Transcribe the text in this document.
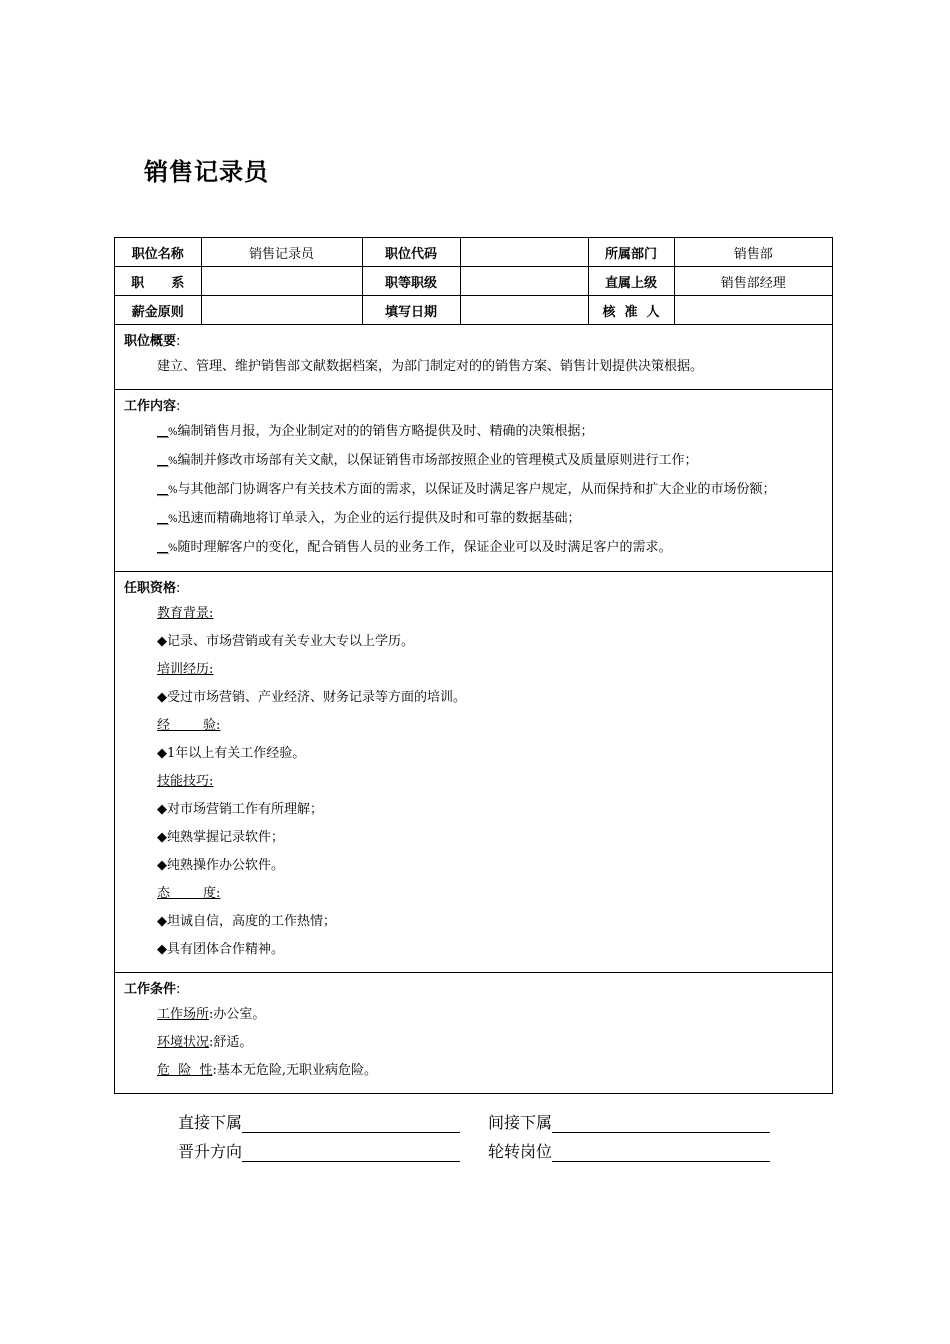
销售记录员
职位名称	销售记录员	职位代码		所属部门	销售部
职      系		职等职级		直属上级	销售部经理
薪金原则		填写日期		核  准  人	
职位概要:
建立、管理、维护销售部文献数据档案，为部门制定对的的销售方案、销售计划提供决策根据。
工作内容:
__%编制销售月报，为企业制定对的的销售方略提供及时、精确的决策根据；
__%编制并修改市场部有关文献，以保证销售市场部按照企业的管理模式及质量原则进行工作；
__%与其他部门协调客户有关技术方面的需求，以保证及时满足客户规定，从而保持和扩大企业的市场份额；
__%迅速而精确地将订单录入，为企业的运行提供及时和可靠的数据基础；
__%随时理解客户的变化，配合销售人员的业务工作，保证企业可以及时满足客户的需求。
任职资格:
教育背景:
◆记录、市场营销或有关专业大专以上学历。
培训经历:
◆受过市场营销、产业经济、财务记录等方面的培训。
经        验:
◆1年以上有关工作经验。
技能技巧:
◆对市场营销工作有所理解；
◆纯熟掌握记录软件；
◆纯熟操作办公软件。
态        度:
◆坦诚自信，高度的工作热情；
◆具有团体合作精神。
工作条件:
工作场所:办公室。
环境状况:舒适。
危  险  性:基本无危险,无职业病危险。
直接下属	间接下属
晋升方向	轮转岗位
